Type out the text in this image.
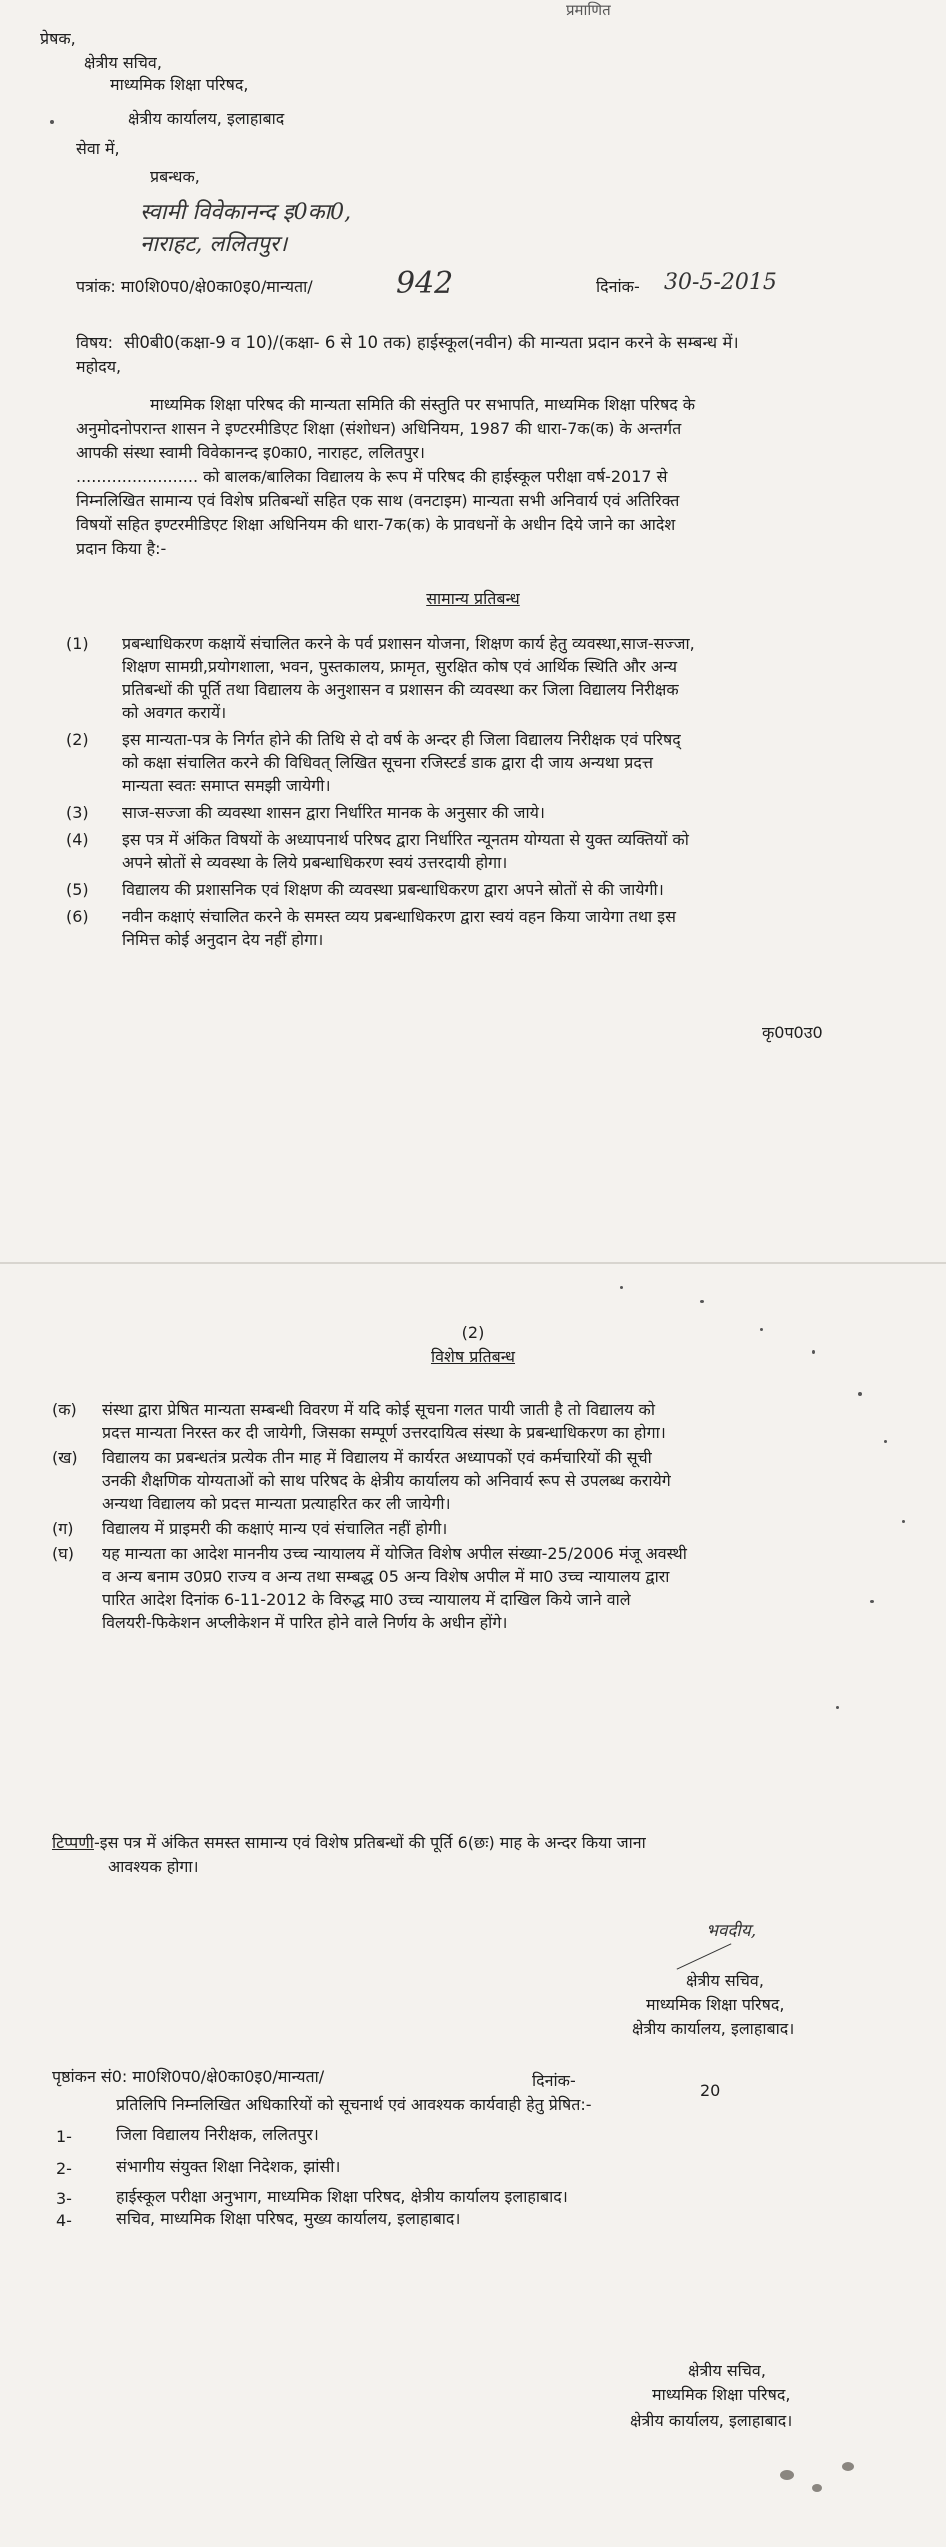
प्रमाणित
प्रेषक,
क्षेत्रीय सचिव,
माध्यमिक शिक्षा परिषद,
क्षेत्रीय कार्यालय, इलाहाबाद
सेवा में,
प्रबन्धक,
स्वामी विवेकानन्द इ0का0,
नाराहट, ललितपुर।
पत्रांक: मा0शि0प0/क्षे0का0इ0/मान्यता/	942	दिनांक- 30-5-2015
विषय: सी0बी0(कक्षा-9 व 10)/(कक्षा- 6 से 10 तक) हाईस्कूल(नवीन) की मान्यता प्रदान करने के सम्बन्ध में।
महोदय,
माध्यमिक शिक्षा परिषद की मान्यता समिति की संस्तुति पर सभापति, माध्यमिक शिक्षा परिषद के
अनुमोदनोपरान्त शासन ने इण्टरमीडिएट शिक्षा (संशोधन) अधिनियम, 1987 की धारा-7क(क) के अन्तर्गत
आपकी संस्था स्वामी विवेकानन्द इ0का0, नाराहट, ललितपुर।
........................ को बालक/बालिका विद्यालय के रूप में परिषद की हाईस्कूल परीक्षा वर्ष-2017 से
निम्नलिखित सामान्य एवं विशेष प्रतिबन्धों सहित एक साथ (वनटाइम) मान्यता सभी अनिवार्य एवं अतिरिक्त
विषयों सहित इण्टरमीडिएट शिक्षा अधिनियम की धारा-7क(क) के प्रावधनों के अधीन दिये जाने का आदेश
प्रदान किया है:-
सामान्य प्रतिबन्ध
(1) प्रबन्धाधिकरण कक्षायें संचालित करने के पर्व प्रशासन योजना, शिक्षण कार्य हेतु व्यवस्था,साज-सज्जा,
शिक्षण सामग्री,प्रयोगशाला, भवन, पुस्तकालय, फ्रामृत, सुरक्षित कोष एवं आर्थिक स्थिति और अन्य
प्रतिबन्धों की पूर्ति तथा विद्यालय के अनुशासन व प्रशासन की व्यवस्था कर जिला विद्यालय निरीक्षक
को अवगत करायें।
(2) इस मान्यता-पत्र के निर्गत होने की तिथि से दो वर्ष के अन्दर ही जिला विद्यालय निरीक्षक एवं परिषद्
को कक्षा संचालित करने की विधिवत् लिखित सूचना रजिस्टर्ड डाक द्वारा दी जाय अन्यथा प्रदत्त
मान्यता स्वतः समाप्त समझी जायेगी।
(3) साज-सज्जा की व्यवस्था शासन द्वारा निर्धारित मानक के अनुसार की जाये।
(4) इस पत्र में अंकित विषयों के अध्यापनार्थ परिषद द्वारा निर्धारित न्यूनतम योग्यता से युक्त व्यक्तियों को
अपने स्रोतों से व्यवस्था के लिये प्रबन्धाधिकरण स्वयं उत्तरदायी होगा।
(5) विद्यालय की प्रशासनिक एवं शिक्षण की व्यवस्था प्रबन्धाधिकरण द्वारा अपने स्रोतों से की जायेगी।
(6) नवीन कक्षाएं संचालित करने के समस्त व्यय प्रबन्धाधिकरण द्वारा स्वयं वहन किया जायेगा तथा इस
निमित्त कोई अनुदान देय नहीं होगा।
कृ0प0उ0
(2)
विशेष प्रतिबन्ध
(क) संस्था द्वारा प्रेषित मान्यता सम्बन्धी विवरण में यदि कोई सूचना गलत पायी जाती है तो विद्यालय को
प्रदत्त मान्यता निरस्त कर दी जायेगी, जिसका सम्पूर्ण उत्तरदायित्व संस्था के प्रबन्धाधिकरण का होगा।
(ख) विद्यालय का प्रबन्धतंत्र प्रत्येक तीन माह में विद्यालय में कार्यरत अध्यापकों एवं कर्मचारियों की सूची
उनकी शैक्षणिक योग्यताओं को साथ परिषद के क्षेत्रीय कार्यालय को अनिवार्य रूप से उपलब्ध करायेगे
अन्यथा विद्यालय को प्रदत्त मान्यता प्रत्याहरित कर ली जायेगी।
(ग) विद्यालय में प्राइमरी की कक्षाएं मान्य एवं संचालित नहीं होगी।
(घ) यह मान्यता का आदेश माननीय उच्च न्यायालय में योजित विशेष अपील संख्या-25/2006 मंजू अवस्थी
व अन्य बनाम उ0प्र0 राज्य व अन्य तथा सम्बद्ध 05 अन्य विशेष अपील में मा0 उच्च न्यायालय द्वारा
पारित आदेश दिनांक 6-11-2012 के विरुद्ध मा0 उच्च न्यायालय में दाखिल किये जाने वाले
विलयरी-फिकेशन अप्लीकेशन में पारित होने वाले निर्णय के अधीन होंगे।
टिप्पणी-इस पत्र में अंकित समस्त सामान्य एवं विशेष प्रतिबन्धों की पूर्ति 6(छः) माह के अन्दर किया जाना
आवश्यक होगा।
भवदीय,
क्षेत्रीय सचिव,
माध्यमिक शिक्षा परिषद,
क्षेत्रीय कार्यालय, इलाहाबाद।
पृष्ठांकन सं0: मा0शि0प0/क्षे0का0इ0/मान्यता/	दिनांक-
20
प्रतिलिपि निम्नलिखित अधिकारियों को सूचनार्थ एवं आवश्यक कार्यवाही हेतु प्रेषित:-
1-	जिला विद्यालय निरीक्षक, ललितपुर।
2-	संभागीय संयुक्त शिक्षा निदेशक, झांसी।
3-	हाईस्कूल परीक्षा अनुभाग, माध्यमिक शिक्षा परिषद, क्षेत्रीय कार्यालय इलाहाबाद।
4-	सचिव, माध्यमिक शिक्षा परिषद, मुख्य कार्यालय, इलाहाबाद।
क्षेत्रीय सचिव,
माध्यमिक शिक्षा परिषद,
क्षेत्रीय कार्यालय, इलाहाबाद।
